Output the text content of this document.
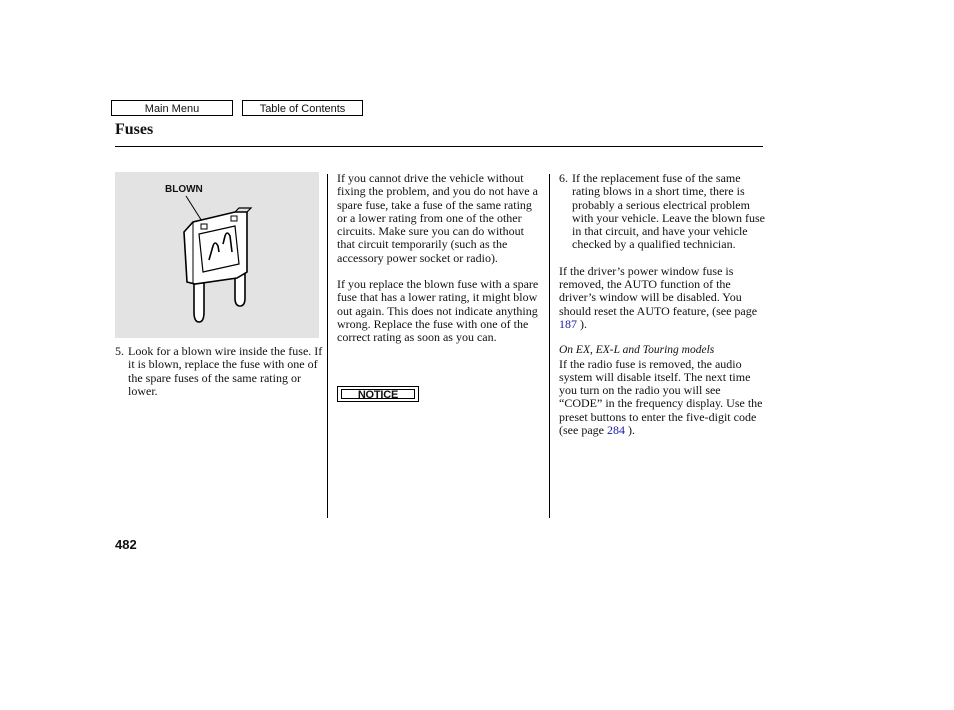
Main Menu	Table of Contents
Fuses
BLOWN
5. Look for a blown wire inside the fuse. If it is blown, replace the fuse with one of the spare fuses of the same rating or lower.

If you cannot drive the vehicle without fixing the problem, and you do not have a spare fuse, take a fuse of the same rating or a lower rating from one of the other circuits. Make sure you can do without that circuit temporarily (such as the accessory power socket or radio).

If you replace the blown fuse with a spare fuse that has a lower rating, it might blow out again. This does not indicate anything wrong. Replace the fuse with one of the correct rating as soon as you can.

NOTICE
6. If the replacement fuse of the same rating blows in a short time, there is probably a serious electrical problem with your vehicle. Leave the blown fuse in that circuit, and have your vehicle checked by a qualified technician.

If the driver’s power window fuse is removed, the AUTO function of the driver’s window will be disabled. You should reset the AUTO feature, (see page 187 ).

On EX, EX-L and Touring models

If the radio fuse is removed, the audio system will disable itself. The next time you turn on the radio you will see “CODE” in the frequency display. Use the preset buttons to enter the five-digit code (see page 284 ).

482
